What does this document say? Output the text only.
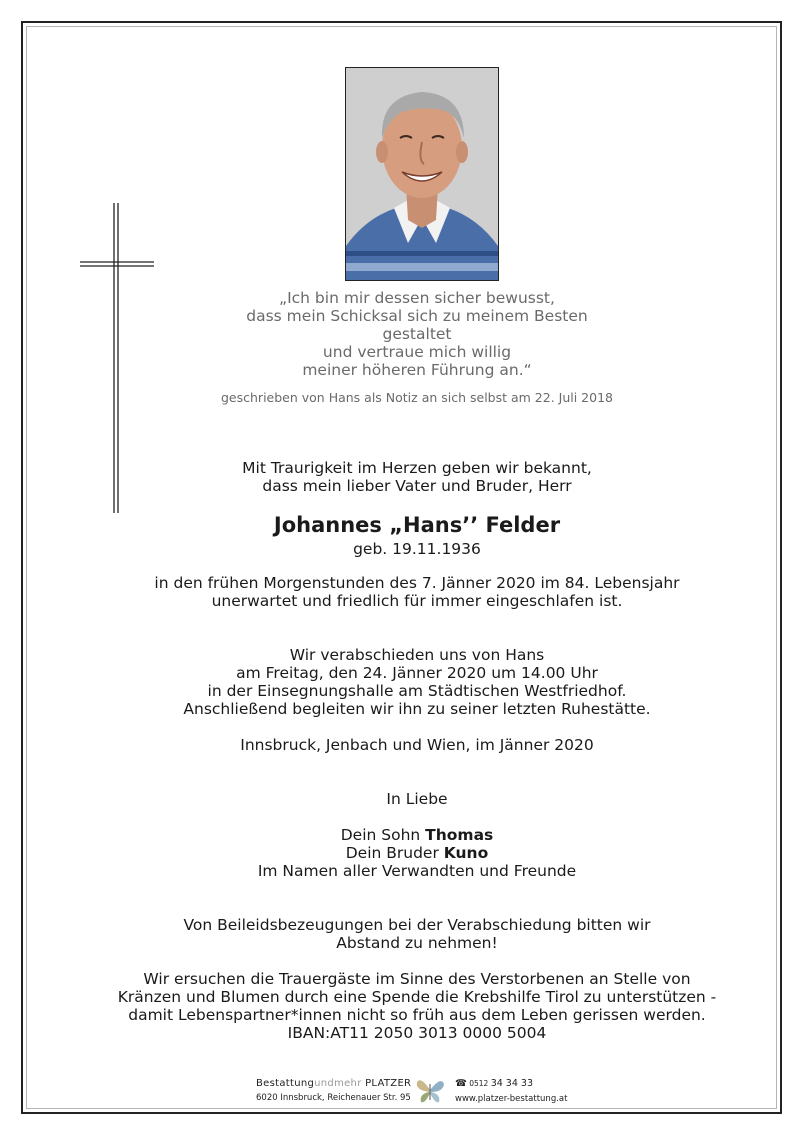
„Ich bin mir dessen sicher bewusst,
dass mein Schicksal sich zu meinem Besten
gestaltet
und vertraue mich willig
meiner höheren Führung an.“
geschrieben von Hans als Notiz an sich selbst am 22. Juli 2018
Mit Traurigkeit im Herzen geben wir bekannt,
dass mein lieber Vater und Bruder, Herr
Johannes „Hans’’ Felder
geb. 19.11.1936
in den frühen Morgenstunden des 7. Jänner 2020 im 84. Lebensjahr
unerwartet und friedlich für immer eingeschlafen ist.
Wir verabschieden uns von Hans
am Freitag, den 24. Jänner 2020 um 14.00 Uhr
in der Einsegnungshalle am Städtischen Westfriedhof.
Anschließend begleiten wir ihn zu seiner letzten Ruhestätte.
Innsbruck, Jenbach und Wien, im Jänner 2020
In Liebe
Dein Sohn Thomas
Dein Bruder Kuno
Im Namen aller Verwandten und Freunde
Von Beileidsbezeugungen bei der Verabschiedung bitten wir
Abstand zu nehmen!
Wir ersuchen die Trauergäste im Sinne des Verstorbenen an Stelle von
Kränzen und Blumen durch eine Spende die Krebshilfe Tirol zu unterstützen -
damit Lebenspartner*innen nicht so früh aus dem Leben gerissen werden.
IBAN:AT11 2050 3013 0000 5004
Bestattungundmehr PLATZER
6020 Innsbruck, Reichenauer Str. 95
☎ 0512 34 34 33
www.platzer-bestattung.at
